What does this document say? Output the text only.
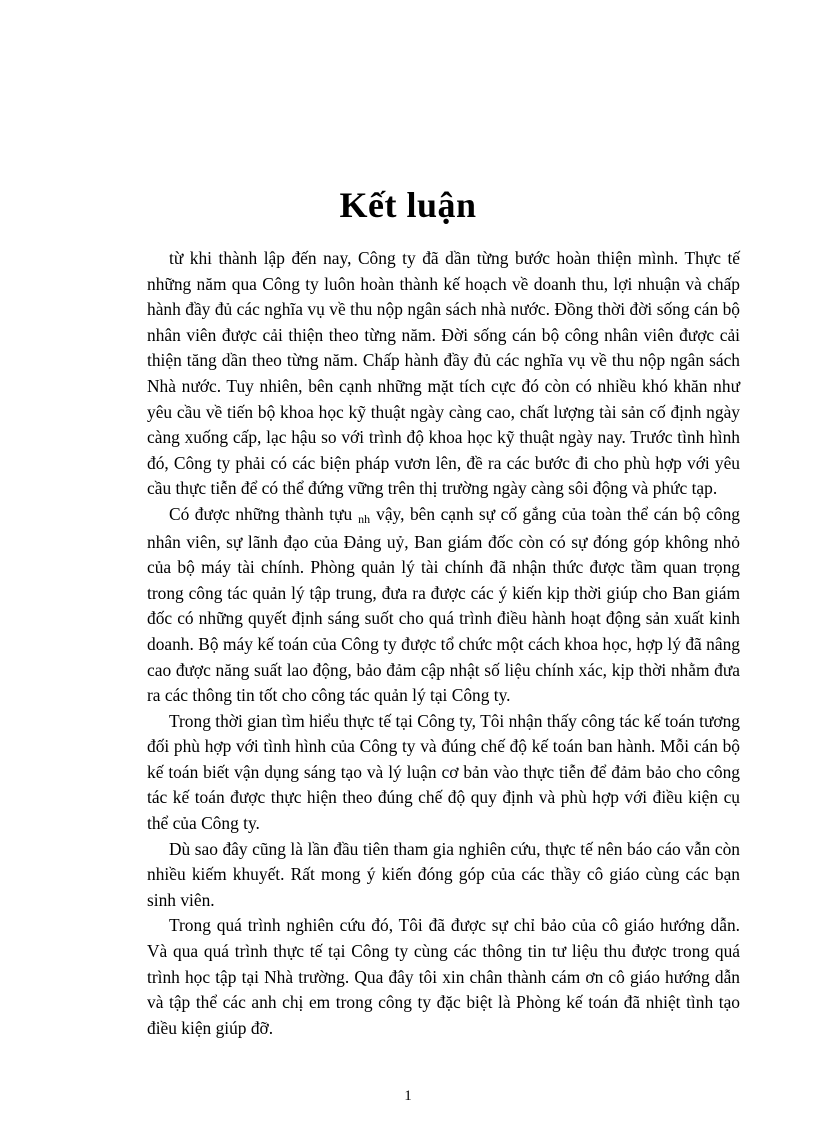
Kết luận

từ khi thành lập đến nay, Công ty đã dần từng bước hoàn thiện mình. Thực tế những năm qua Công ty luôn hoàn thành kế hoạch về doanh thu, lợi nhuận và chấp hành đầy đủ các nghĩa vụ về thu nộp ngân sách nhà nước. Đồng thời đời sống cán bộ nhân viên được cải thiện theo từng năm. Đời sống cán bộ công nhân viên được cải thiện tăng dần theo từng năm. Chấp hành đầy đủ các nghĩa vụ về thu nộp ngân sách Nhà nước. Tuy nhiên, bên cạnh những mặt tích cực đó còn có nhiều khó khăn như yêu cầu về tiến bộ khoa học kỹ thuật ngày càng cao, chất lượng tài sản cố định ngày càng xuống cấp, lạc hậu so với trình độ khoa học kỹ thuật ngày nay. Trước tình hình đó, Công ty phải có các biện pháp vươn lên, đề ra các bước đi cho phù hợp với yêu cầu thực tiễn để có thể đứng vững trên thị trường ngày càng sôi động và phức tạp.

Có được những thành tựu nh vậy, bên cạnh sự cố gắng của toàn thể cán bộ công nhân viên, sự lãnh đạo của Đảng uỷ, Ban giám đốc còn có sự đóng góp không nhỏ của bộ máy tài chính. Phòng quản lý tài chính đã nhận thức được tầm quan trọng trong công tác quản lý tập trung, đưa ra được các ý kiến kịp thời giúp cho Ban giám đốc có những quyết định sáng suốt cho quá trình điều hành hoạt động sản xuất kinh doanh. Bộ máy kế toán của Công ty được tổ chức một cách khoa học, hợp lý đã nâng cao được năng suất lao động, bảo đảm cập nhật số liệu chính xác, kịp thời nhằm đưa ra các thông tin tốt cho công tác quản lý tại Công ty.

Trong thời gian tìm hiểu thực tế tại Công ty, Tôi nhận thấy công tác kế toán tương đối phù hợp với tình hình của Công ty và đúng chế độ kế toán ban hành. Mỗi cán bộ kế toán biết vận dụng sáng tạo và lý luận cơ bản vào thực tiễn để đảm bảo cho công tác kế toán được thực hiện theo đúng chế độ quy định và phù hợp với điều kiện cụ thể của Công ty.

Dù sao đây cũng là lần đầu tiên tham gia nghiên cứu, thực tế nên báo cáo vẫn còn nhiều kiếm khuyết. Rất mong ý kiến đóng góp của các thầy cô giáo cùng các bạn sinh viên.

Trong quá trình nghiên cứu đó, Tôi đã được sự chỉ bảo của cô giáo hướng dẫn. Và qua quá trình thực tế tại Công ty cùng các thông tin tư liệu thu được trong quá trình học tập tại Nhà trường. Qua đây tôi xin chân thành cám ơn cô giáo hướng dẫn và tập thể các anh chị em trong công ty đặc biệt là Phòng kế toán đã nhiệt tình tạo điều kiện giúp đỡ.

1
